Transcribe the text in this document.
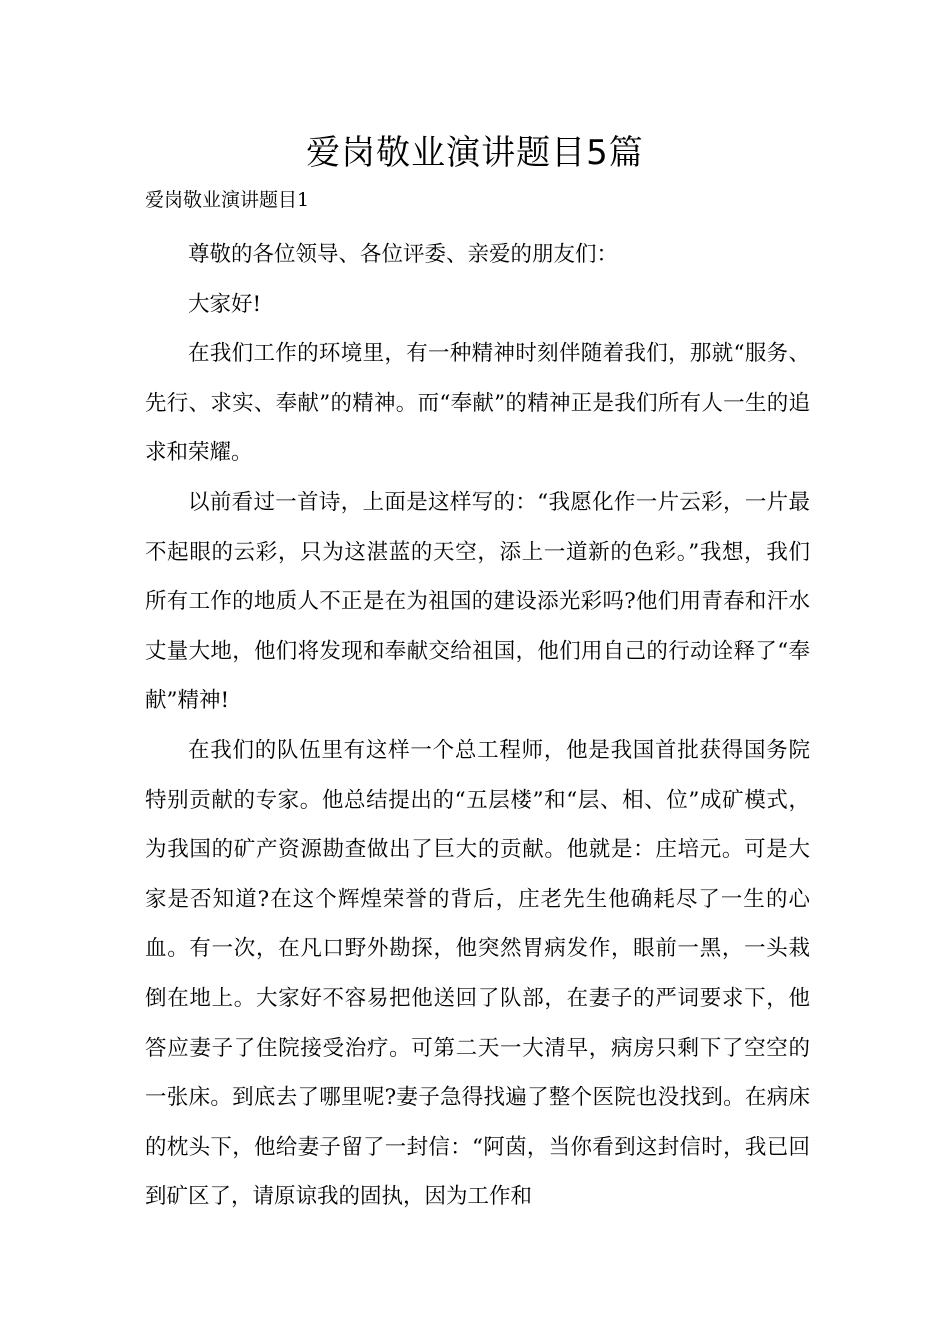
爱岗敬业演讲题目5篇
爱岗敬业演讲题目1

尊敬的各位领导、各位评委、亲爱的朋友们：

大家好!

在我们工作的环境里，有一种精神时刻伴随着我们，那就“服务、先行、求实、奉献”的精神。而“奉献”的精神正是我们所有人一生的追求和荣耀。

以前看过一首诗，上面是这样写的：“我愿化作一片云彩，一片最不起眼的云彩，只为这湛蓝的天空，添上一道新的色彩。”我想，我们所有工作的地质人不正是在为祖国的建设添光彩吗?他们用青春和汗水丈量大地，他们将发现和奉献交给祖国，他们用自己的行动诠释了“奉献”精神!

在我们的队伍里有这样一个总工程师，他是我国首批获得国务院特别贡献的专家。他总结提出的“五层楼”和“层、相、位”成矿模式，为我国的矿产资源勘查做出了巨大的贡献。他就是：庄培元。可是大家是否知道?在这个辉煌荣誉的背后，庄老先生他确耗尽了一生的心血。有一次，在凡口野外勘探，他突然胃病发作，眼前一黑，一头栽倒在地上。大家好不容易把他送回了队部，在妻子的严词要求下，他答应妻子了住院接受治疗。可第二天一大清早，病房只剩下了空空的一张床。到底去了哪里呢?妻子急得找遍了整个医院也没找到。在病床的枕头下，他给妻子留了一封信：“阿茵，当你看到这封信时，我已回到矿区了，请原谅我的固执，因为工作和
